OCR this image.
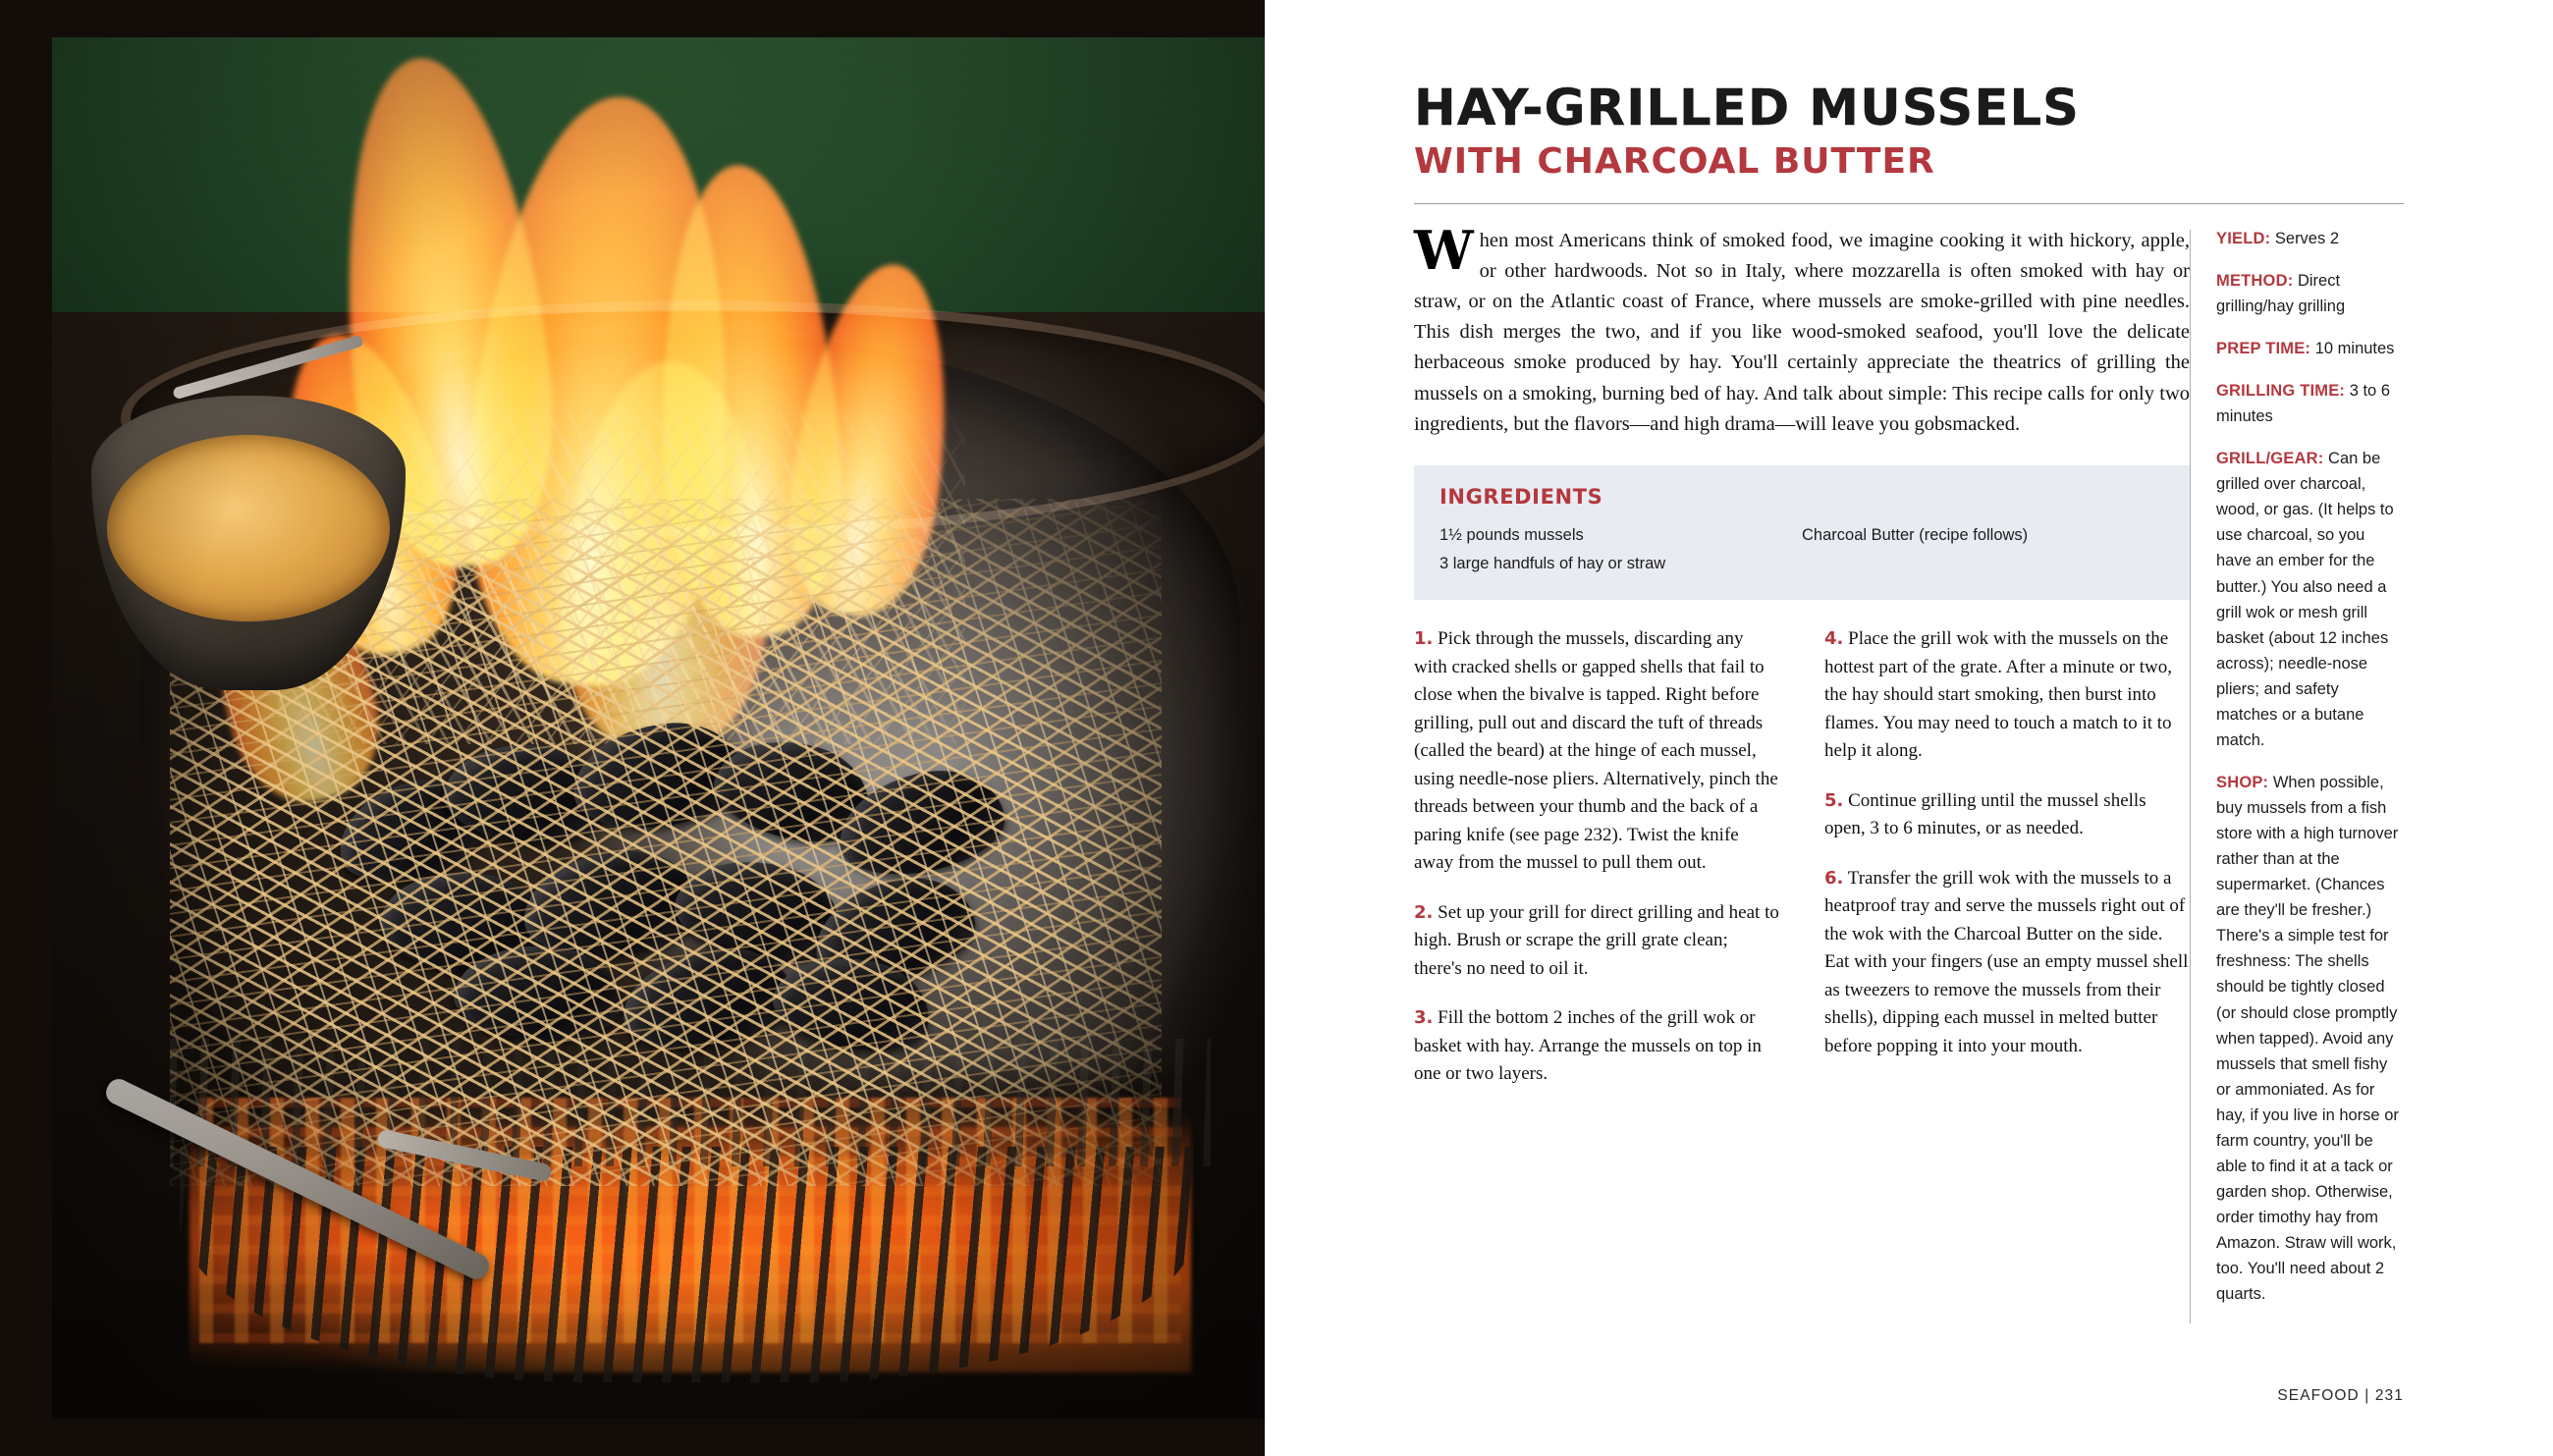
HAY-GRILLED MUSSELS
WITH CHARCOAL BUTTER

When most Americans think of smoked food, we imagine cooking it with hickory, apple, or other hardwoods. Not so in Italy, where mozzarella is often smoked with hay or straw, or on the Atlantic coast of France, where mussels are smoke-grilled with pine needles. This dish merges the two, and if you like wood-smoked seafood, you'll love the delicate herbaceous smoke produced by hay. You'll certainly appreciate the theatrics of grilling the mussels on a smoking, burning bed of hay. And talk about simple: This recipe calls for only two ingredients, but the flavors—and high drama—will leave you gobsmacked.

INGREDIENTS
1½ pounds mussels
3 large handfuls of hay or straw
Charcoal Butter (recipe follows)

1. Pick through the mussels, discarding any with cracked shells or gapped shells that fail to close when the bivalve is tapped. Right before grilling, pull out and discard the tuft of threads (called the beard) at the hinge of each mussel, using needle-nose pliers. Alternatively, pinch the threads between your thumb and the back of a paring knife (see page 232). Twist the knife away from the mussel to pull them out.

2. Set up your grill for direct grilling and heat to high. Brush or scrape the grill grate clean; there's no need to oil it.

3. Fill the bottom 2 inches of the grill wok or basket with hay. Arrange the mussels on top in one or two layers.

4. Place the grill wok with the mussels on the hottest part of the grate. After a minute or two, the hay should start smoking, then burst into flames. You may need to touch a match to it to help it along.

5. Continue grilling until the mussel shells open, 3 to 6 minutes, or as needed.

6. Transfer the grill wok with the mussels to a heatproof tray and serve the mussels right out of the wok with the Charcoal Butter on the side. Eat with your fingers (use an empty mussel shell as tweezers to remove the mussels from their shells), dipping each mussel in melted butter before popping it into your mouth.

YIELD: Serves 2

METHOD: Direct grilling/hay grilling

PREP TIME: 10 minutes

GRILLING TIME: 3 to 6 minutes

GRILL/GEAR: Can be grilled over charcoal, wood, or gas. (It helps to use charcoal, so you have an ember for the butter.) You also need a grill wok or mesh grill basket (about 12 inches across); needle-nose pliers; and safety matches or a butane match.

SHOP: When possible, buy mussels from a fish store with a high turnover rather than at the supermarket. (Chances are they'll be fresher.) There's a simple test for freshness: The shells should be tightly closed (or should close promptly when tapped). Avoid any mussels that smell fishy or ammoniated. As for hay, if you live in horse or farm country, you'll be able to find it at a tack or garden shop. Otherwise, order timothy hay from Amazon. Straw will work, too. You'll need about 2 quarts.

SEAFOOD | 231
